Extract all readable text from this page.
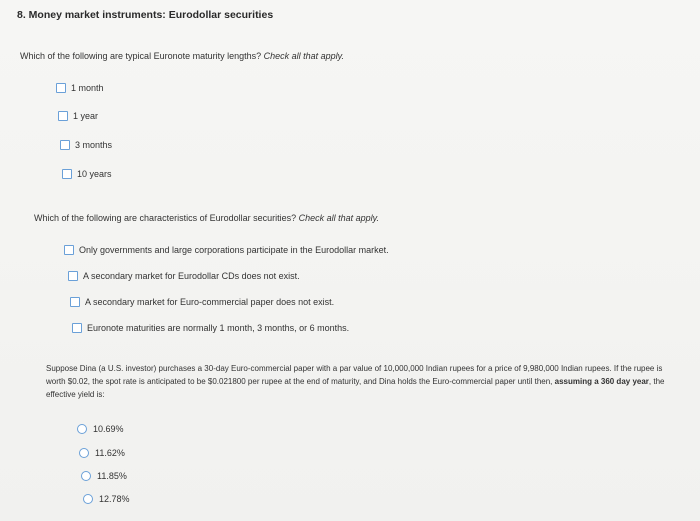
8. Money market instruments: Eurodollar securities
Which of the following are typical Euronote maturity lengths? Check all that apply.
1 month
1 year
3 months
10 years
Which of the following are characteristics of Eurodollar securities? Check all that apply.
Only governments and large corporations participate in the Eurodollar market.
A secondary market for Eurodollar CDs does not exist.
A secondary market for Euro-commercial paper does not exist.
Euronote maturities are normally 1 month, 3 months, or 6 months.

Suppose Dina (a U.S. investor) purchases a 30-day Euro-commercial paper with a par value of 10,000,000 Indian rupees for a price of 9,980,000 Indian rupees. If the rupee is worth $0.02, the spot rate is anticipated to be $0.021800 per rupee at the end of maturity, and Dina holds the Euro-commercial paper until then, assuming a 360 day year, the effective yield is:

10.69%
11.62%
11.85%
12.78%
